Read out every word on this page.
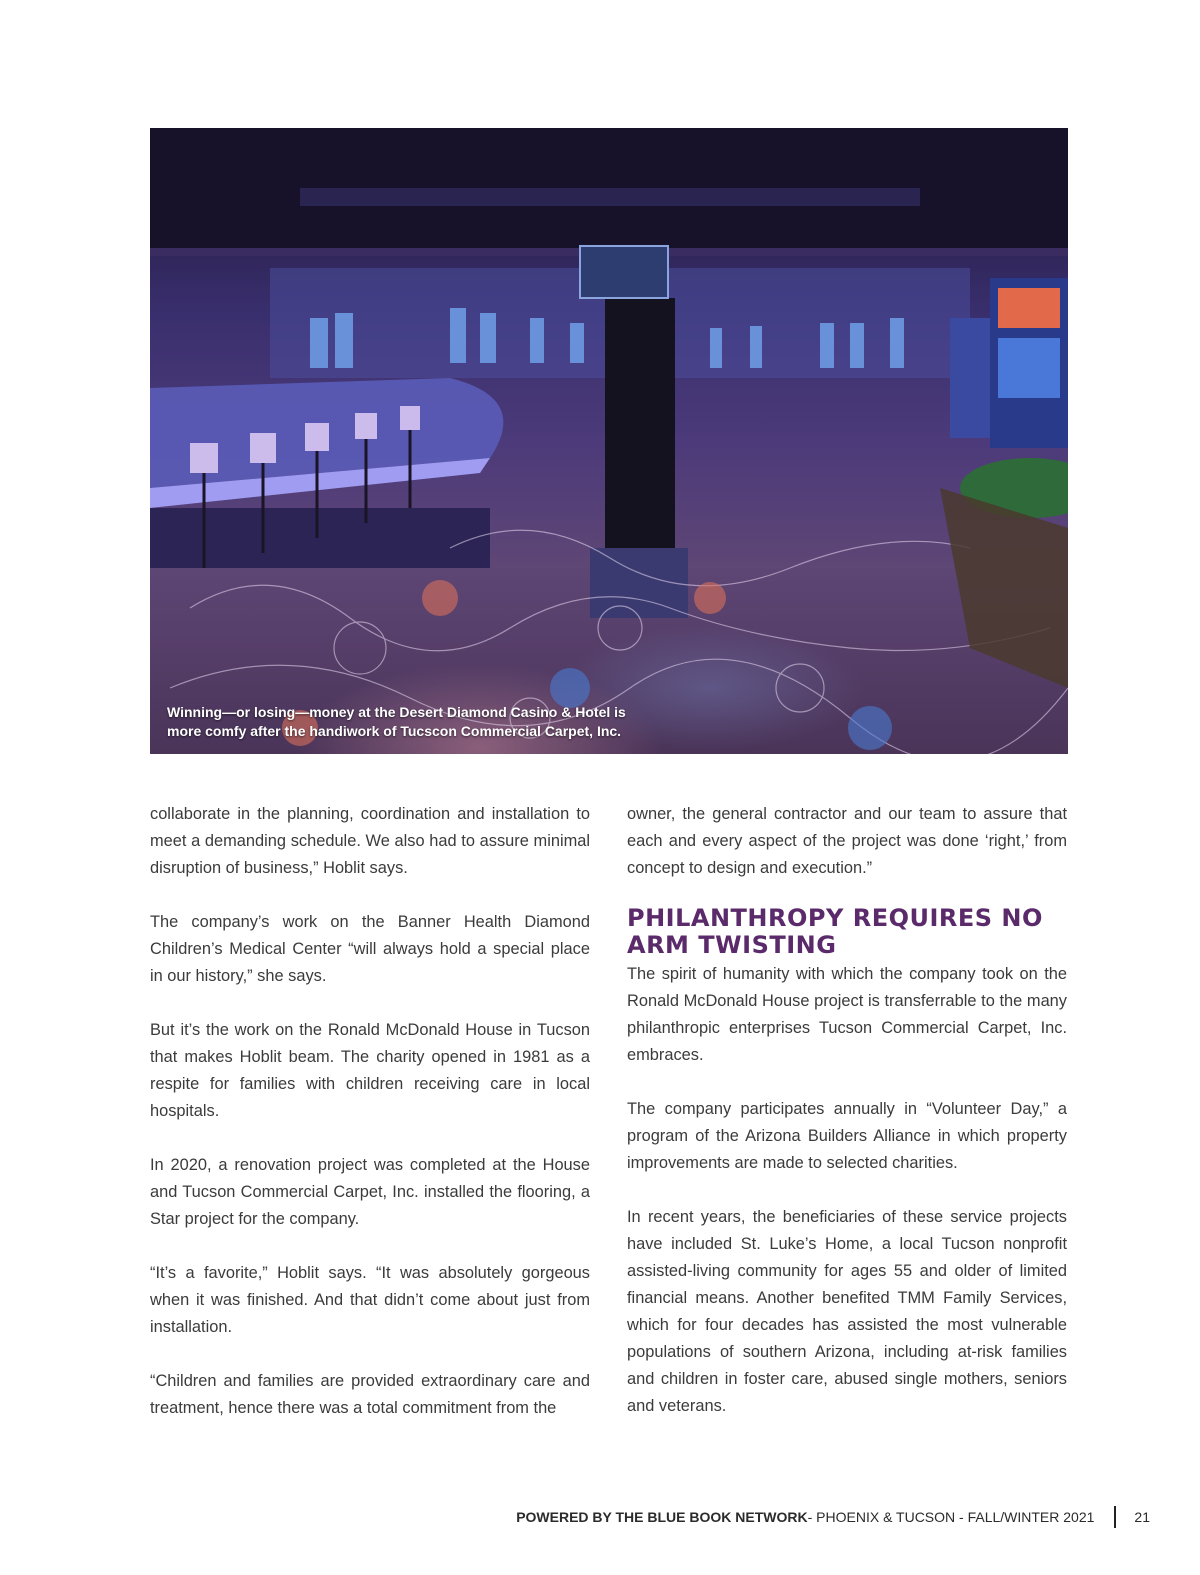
Winning—or losing—money at the Desert Diamond Casino & Hotel is
more comfy after the handiwork of Tucscon Commercial Carpet, Inc.

collaborate in the planning, coordination and installation to meet a demanding schedule. We also had to assure minimal disruption of business,” Hoblit says.

The company’s work on the Banner Health Diamond Children’s Medical Center “will always hold a special place in our history,” she says.

But it’s the work on the Ronald McDonald House in Tucson that makes Hoblit beam. The charity opened in 1981 as a respite for families with children receiving care in local hospitals.

In 2020, a renovation project was completed at the House and Tucson Commercial Carpet, Inc. installed the flooring, a Star project for the company.

“It’s a favorite,” Hoblit says. “It was absolutely gorgeous when it was finished. And that didn’t come about just from installation.

“Children and families are provided extraordinary care and treatment, hence there was a total commitment from the

owner, the general contractor and our team to assure that each and every aspect of the project was done ‘right,’ from concept to design and execution.”

PHILANTHROPY REQUIRES NO
ARM TWISTING

The spirit of humanity with which the company took on the Ronald McDonald House project is transferrable to the many philanthropic enterprises Tucson Commercial Carpet, Inc. embraces.

The company participates annually in “Volunteer Day,” a program of the Arizona Builders Alliance in which property improvements are made to selected charities.

In recent years, the beneficiaries of these service projects have included St. Luke’s Home, a local Tucson nonprofit assisted-living community for ages 55 and older of limited financial means. Another benefited TMM Family Services, which for four decades has assisted the most vulnerable populations of southern Arizona, including at-risk families and children in foster care, abused single mothers, seniors and veterans.

POWERED BY THE BLUE BOOK NETWORK - PHOENIX & TUCSON - FALL/WINTER 2021	21
